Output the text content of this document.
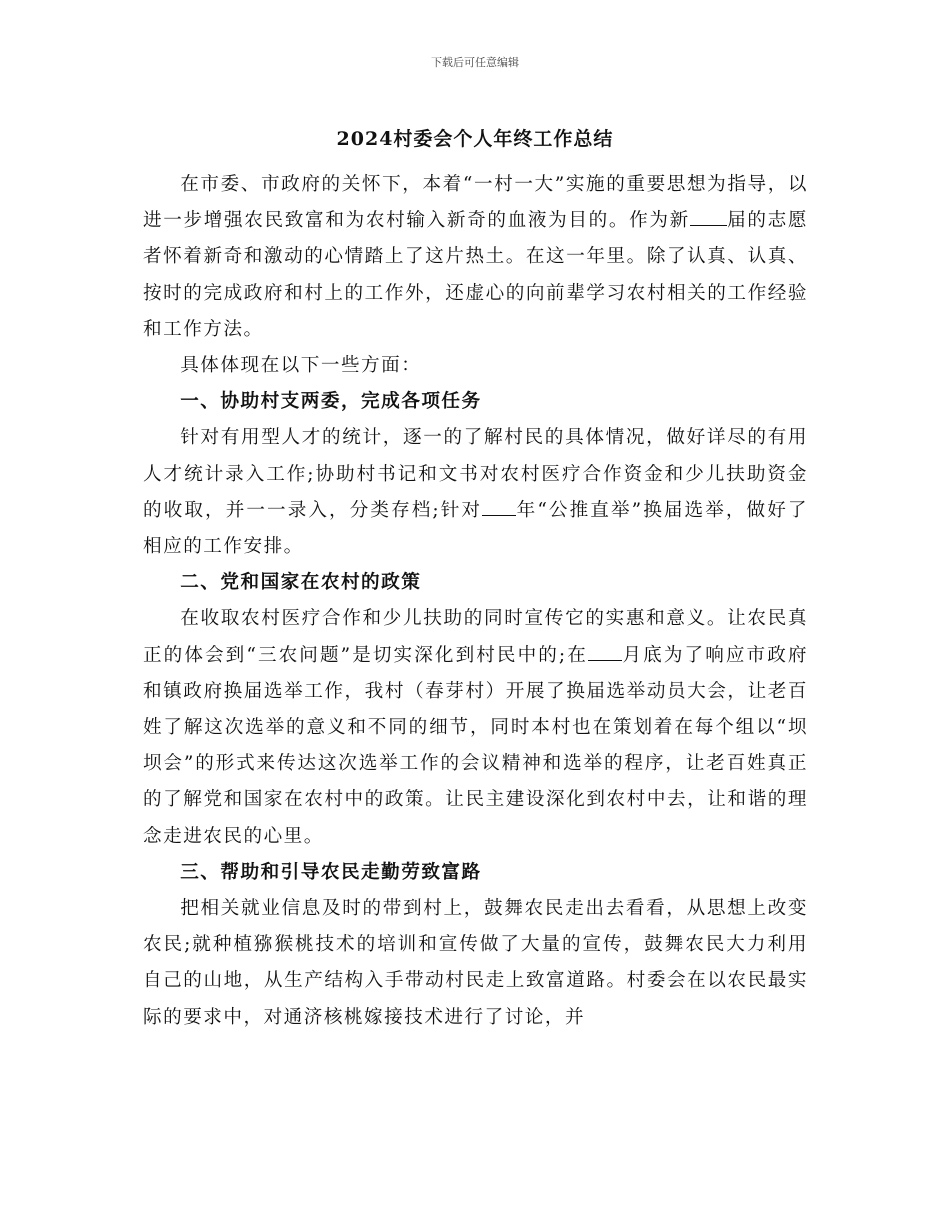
下载后可任意编辑
2024村委会个人年终工作总结

在市委、市政府的关怀下，本着“一村一大”实施的重要思想为指导，以进一步增强农民致富和为农村输入新奇的血液为目的。作为新 届的志愿者怀着新奇和激动的心情踏上了这片热土。在这一年里。除了认真、认真、按时的完成政府和村上的工作外，还虚心的向前辈学习农村相关的工作经验和工作方法。

具体体现在以下一些方面：

一、协助村支两委，完成各项任务

针对有用型人才的统计，逐一的了解村民的具体情况，做好详尽的有用人才统计录入工作;协助村书记和文书对农村医疗合作资金和少儿扶助资金的收取，并一一录入，分类存档;针对 年“公推直举”换届选举，做好了相应的工作安排。

二、党和国家在农村的政策

在收取农村医疗合作和少儿扶助的同时宣传它的实惠和意义。让农民真正的体会到“三农问题”是切实深化到村民中的;在 月底为了响应市政府和镇政府换届选举工作，我村（春芽村）开展了换届选举动员大会，让老百姓了解这次选举的意义和不同的细节，同时本村也在策划着在每个组以“坝坝会”的形式来传达这次选举工作的会议精神和选举的程序，让老百姓真正的了解党和国家在农村中的政策。让民主建设深化到农村中去，让和谐的理念走进农民的心里。

三、帮助和引导农民走勤劳致富路

把相关就业信息及时的带到村上，鼓舞农民走出去看看，从思想上改变农民;就种植猕猴桃技术的培训和宣传做了大量的宣传，鼓舞农民大力利用自己的山地，从生产结构入手带动村民走上致富道路。村委会在以农民最实际的要求中，对通济核桃嫁接技术进行了讨论，并
